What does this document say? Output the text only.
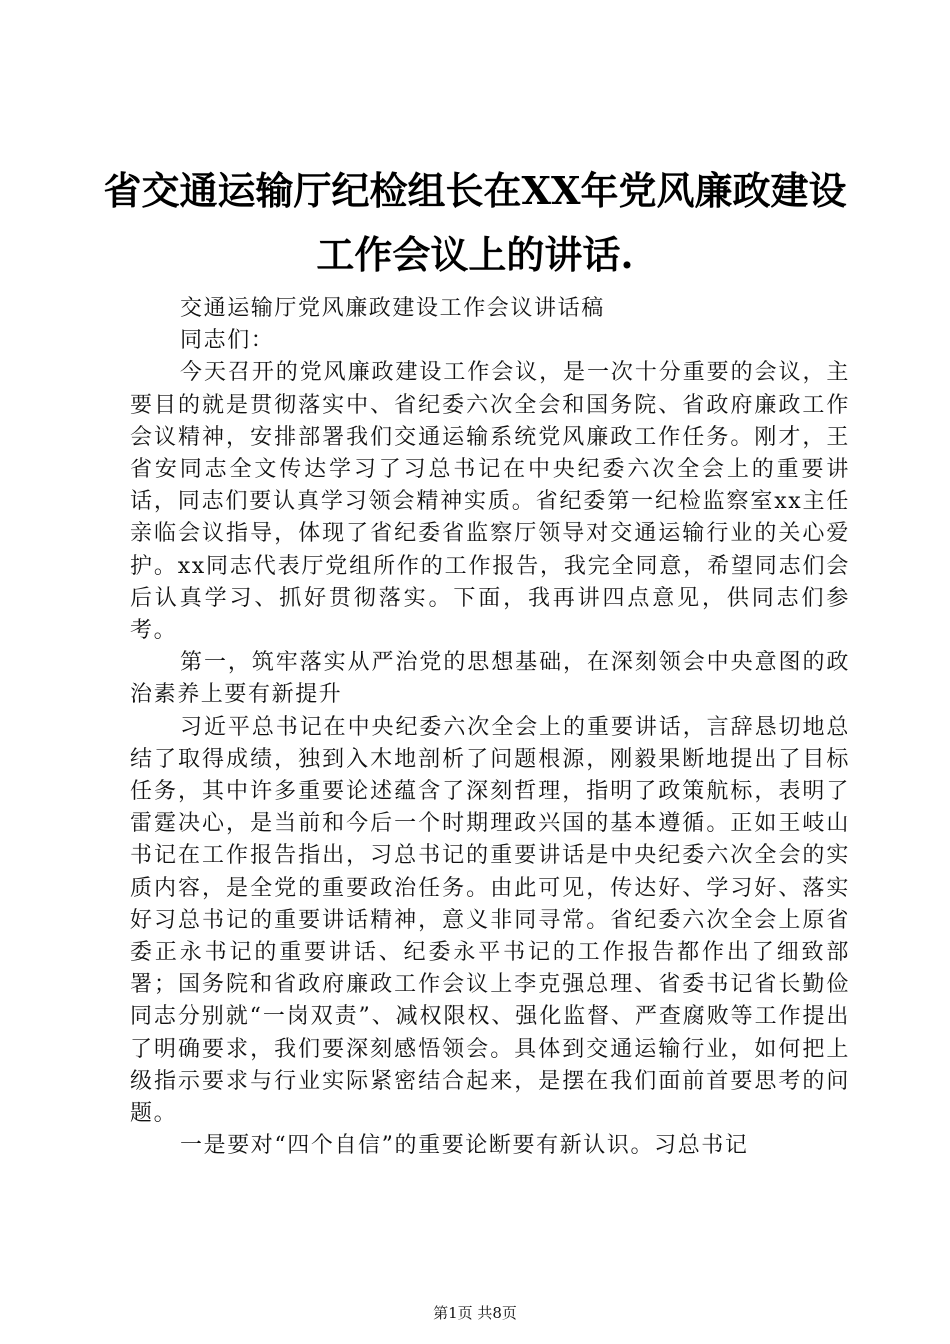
省交通运输厅纪检组长在XX年党风廉政建设
工作会议上的讲话.

交通运输厅党风廉政建设工作会议讲话稿

同志们：

今天召开的党风廉政建设工作会议，是一次十分重要的会议，主要目的就是贯彻落实中、省纪委六次全会和国务院、省政府廉政工作会议精神，安排部署我们交通运输系统党风廉政工作任务。刚才，王省安同志全文传达学习了习总书记在中央纪委六次全会上的重要讲话，同志们要认真学习领会精神实质。省纪委第一纪检监察室xx主任亲临会议指导，体现了省纪委省监察厅领导对交通运输行业的关心爱护。xx同志代表厅党组所作的工作报告，我完全同意，希望同志们会后认真学习、抓好贯彻落实。下面，我再讲四点意见，供同志们参考。

第一，筑牢落实从严治党的思想基础，在深刻领会中央意图的政治素养上要有新提升

习近平总书记在中央纪委六次全会上的重要讲话，言辞恳切地总结了取得成绩，独到入木地剖析了问题根源，刚毅果断地提出了目标任务，其中许多重要论述蕴含了深刻哲理，指明了政策航标，表明了雷霆决心，是当前和今后一个时期理政兴国的基本遵循。正如王岐山书记在工作报告指出，习总书记的重要讲话是中央纪委六次全会的实质内容，是全党的重要政治任务。由此可见，传达好、学习好、落实好习总书记的重要讲话精神，意义非同寻常。省纪委六次全会上原省委正永书记的重要讲话、纪委永平书记的工作报告都作出了细致部署；国务院和省政府廉政工作会议上李克强总理、省委书记省长勤俭同志分别就“一岗双责”、减权限权、强化监督、严查腐败等工作提出了明确要求，我们要深刻感悟领会。具体到交通运输行业，如何把上级指示要求与行业实际紧密结合起来，是摆在我们面前首要思考的问题。

一是要对“四个自信”的重要论断要有新认识。习总书记

第1页 共8页
